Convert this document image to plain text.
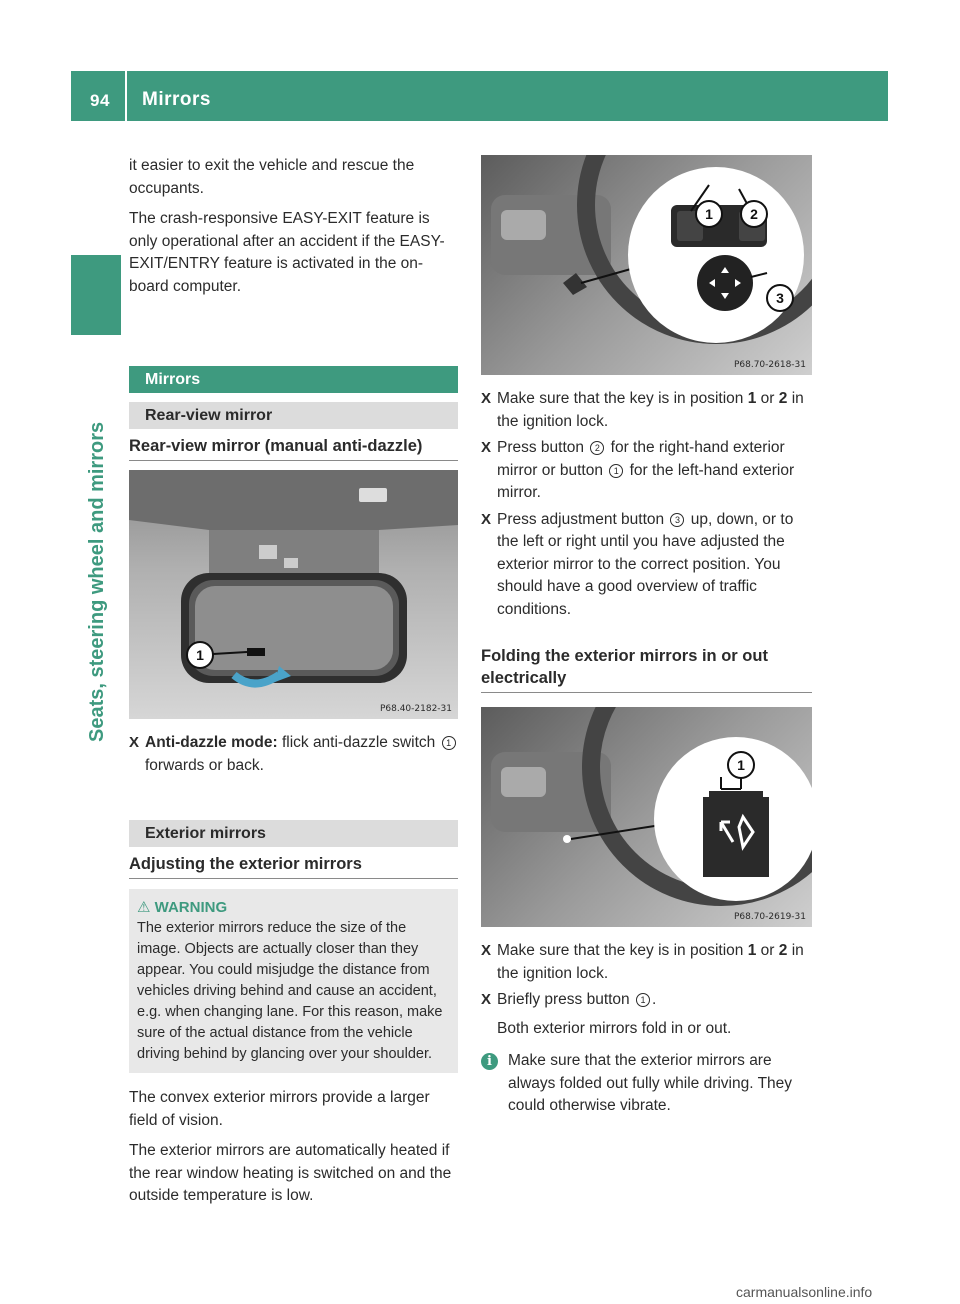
94 Mirrors
Seats, steering wheel and mirrors

it easier to exit the vehicle and rescue the occupants.

The crash-responsive EASY-EXIT feature is only operational after an accident if the EASY-EXIT/ENTRY feature is activated in the on-board computer.

Mirrors
Rear-view mirror
Rear-view mirror (manual anti-dazzle)
1
P68.40-2182-31
X Anti-dazzle mode: flick anti-dazzle switch 1 forwards or back.
Exterior mirrors
Adjusting the exterior mirrors
⚠ WARNING
The exterior mirrors reduce the size of the image. Objects are actually closer than they appear. You could misjudge the distance from vehicles driving behind and cause an accident, e.g. when changing lane. For this reason, make sure of the actual distance from the vehicle driving behind by glancing over your shoulder.

The convex exterior mirrors provide a larger field of vision.

The exterior mirrors are automatically heated if the rear window heating is switched on and the outside temperature is low.

1	2
3
P68.70-2618-31
X Make sure that the key is in position 1 or 2 in the ignition lock.
X Press button 2 for the right-hand exterior mirror or button 1 for the left-hand exterior mirror.
X Press adjustment button 3 up, down, or to the left or right until you have adjusted the exterior mirror to the correct position. You should have a good overview of traffic conditions.
Folding the exterior mirrors in or out electrically
1
P68.70-2619-31
X Make sure that the key is in position 1 or 2 in the ignition lock.
X Briefly press button 1 .
Both exterior mirrors fold in or out.
i	Make sure that the exterior mirrors are always folded out fully while driving. They could otherwise vibrate.
carmanualsonline.info
